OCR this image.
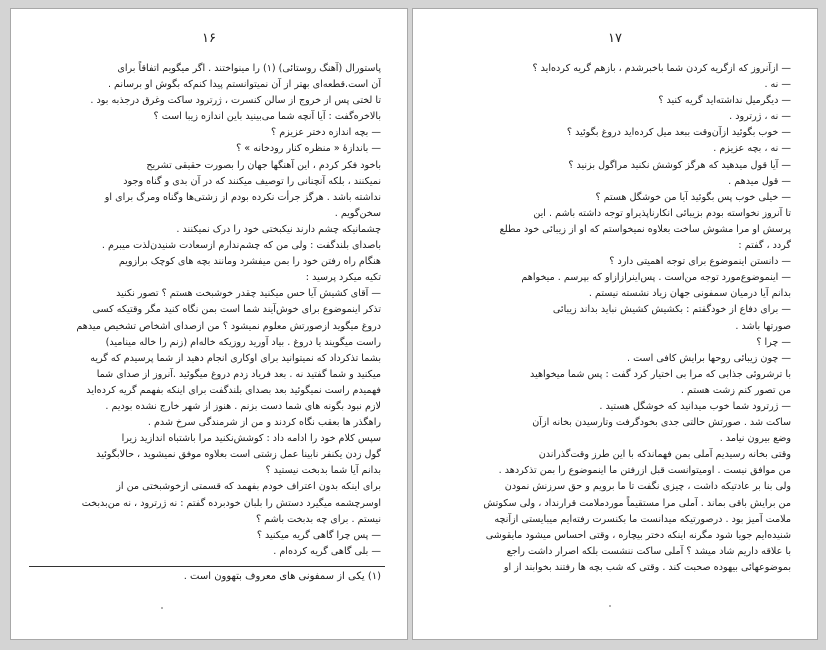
۱۶
پاستورال (آهنگ روستائی) (۱) را مینواختند . اگر میگویم اتفاقاً برای
آن است.قطعه‌ای بهتر از آن نمیتوانستم پیدا کنم‌که بگوش او برسانم .
تا لختی پس از خروج از سالن کنسرت ، ژرترود ساکت وغرق درجذبه بود .
بالاخره‌گفت : آیا آنچه شما می‌بینید باین اندازه زیبا است ؟
— بچه اندازه دختر عزیزم ؟
— باندازهٔ « منظره کنار رودخانه » ؟
باخود فکر کردم ، این آهنگها جهان را بصورت حقیقی تشریح
نمیکنند ، بلکه آنچنانی را توصیف میکنند که در آن بدی و گناه وجود
نداشته باشد . هرگز جرأت نکرده بودم از زشتی‌ها وگناه ومرگ برای او
سخن‌گویم .
چشمانیکه چشم دارند نیکبختی خود را درک نمیکنند .
باصدای بلندگفت : ولی من که چشم‌ندارم ازسعادت شنیدن‌لذت میبرم .
هنگام راه رفتن خود را بمن میفشرد ومانند بچه های کوچک برازویم
تکیه میکرد پرسید :
— آقای کشیش آیا حس میکنید چقدر خوشبخت هستم ؟ تصور نکنید
تذکر اینموضوع برای خوش‌آیند شما است بمن نگاه کنید مگر وقتیکه کسی
دروغ میگوید ازصورتش معلوم نمیشود ؟ من ازصدای اشخاص تشخیص میدهم
راست میگویند یا دروغ . بیاد آورید روزیکه خاله‌ام (زنم را خاله مینامید)
بشما تذکرداد که نمیتوانید برای اوکاری انجام دهید از شما پرسیدم که گریه
میکنید و شما گفتید نه . بعد فریاد زدم دروغ میگوئید .آنروز از صدای شما
فهمیدم راست نمیگوئید بعد بصدای بلندگفت برای اینکه بفهمم گریه کرده‌اید
لازم نبود بگونه های شما دست بزنم . هنوز از شهر خارج نشده بودیم .
راهگذر ها بعقب نگاه کردند و من از شرمندگی سرخ شدم .
سپس کلام خود را ادامه داد : کوشش‌نکنید مرا باشتباه اندازید زیرا
گول زدن یکنفر نابینا عمل زشتی است بعلاوه موفق نمیشوید ، حالابگوئید
بدانم آیا شما بدبخت نیستید ؟
برای اینکه بدون اعتراف خودم بفهمد که قسمتی ازخوشبختی من از
اوسرچشمه میگیرد دستش را بلبان خودبرده گفتم : نه ژرترود ، نه من‌بدبخت
نیستم . برای چه بدبخت باشم ؟
— پس چرا گاهی گریه میکنید ؟
— بلی گاهی گریه کرده‌ام .
(۱) یکی از سمفونی های معروف بتهوون است .
۱۷
— ازآنروز که ازگریه کردن شما باخبرشدم ، بازهم گریه کرده‌اید ؟
— نه .
— دیگرمیل نداشته‌اید گریه کنید ؟
— نه ، ژرترود .
— خوب بگوئید ازآن‌وقت ببعد میل کرده‌اید دروغ بگوئید ؟
— نه ، بچه عزیزم .
— آیا قول میدهید که هرگز کوشش نکنید مراگول بزنید ؟
— قول میدهم .
— خیلی خوب پس بگوئید آیا من خوشگل هستم ؟
تا آنروز نخواسته بودم بزیبائی انکارناپذیراو توجه داشته باشم . این
پرسش او مرا مشوش ساخت بعلاوه نمیخواستم که او از زیبائی خود مطلع
گردد ، گفتم :
— دانستن اینموضوع برای توجه اهمیتی دارد ؟
— اینموضوع‌مورد توجه من‌است . پس‌اینرازازاو که بپرسم . میخواهم
بدانم آیا درمیان سمفونی جهان زیاد نشسته نیستم .
— برای دفاع از خودگفتم : بکشیش کشیش نباید بداند زیبائی
صورتها باشد .
— چرا ؟
— چون زیبائی روحها برایش کافی است .
با ترشروئی جذابی که مرا بی اختیار کرد گفت : پس شما میخواهید
من تصور کنم زشت هستم .
— ژرترود شما خوب میدانید که خوشگل هستید .
ساکت شد . صورتش حالتی جدی بخودگرفت وتارسیدن بخانه ازآن
وضع بیرون نیامد .
وقتی بخانه رسیدیم آملی بمن فهماندکه با این طرز وقت‌گذراندن
من موافق نیست . اومیتوانست قبل ازرفتن ما اینموضوع را بمن تذکردهد .
ولی بنا بر عادتیکه داشت ، چیزی نگفت تا ما برویم و حق سرزنش نمودن
من برایش باقی بماند . آملی مرا مستقیماً موردملامت قرارنداد ، ولی سکوتش
ملامت آمیز بود . درصورتیکه میدانست ما بکنسرت رفته‌ایم میبایستی ازآنچه
شنیده‌ایم جویا شود مگرنه اینکه دختر بیچاره ، وقتی احساس میشود مایقوشی
با علاقه داریم شاد میشد ؟ آملی ساکت ننشست بلکه اصرار داشت راجع
بموضوعهائی بیهوده صحبت کند . وقتی که شب بچه ها رفتند بخوابند از او
